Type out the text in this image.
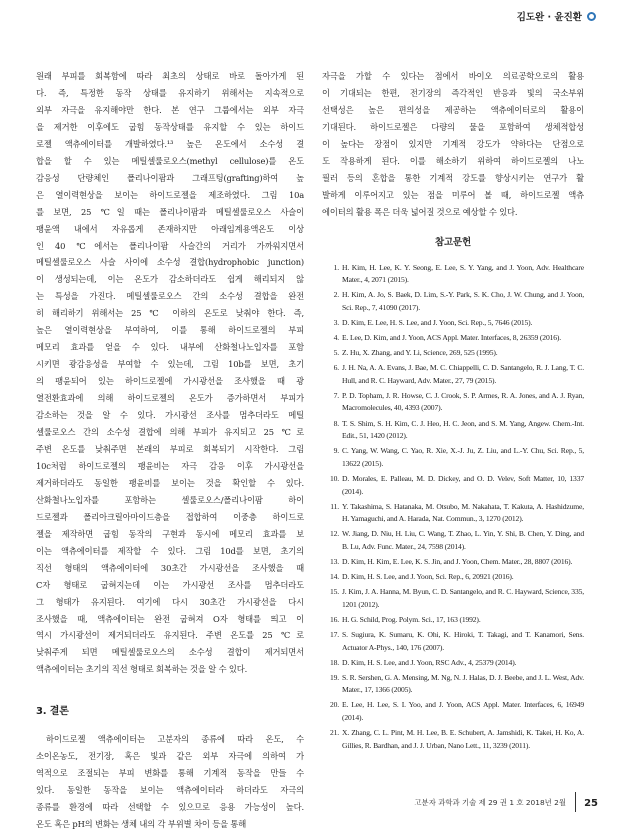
김도완 · 윤진환

원래 부피를 회복함에 따라 최초의 상태로 바로 돌아가게 된
다. 즉, 특정한 동작 상태를 유지하기 위해서는 지속적으로
외부 자극을 유지해야만 한다. 본 연구 그룹에서는 외부 자극
을 제거한 이후에도 굽힘 동작상태를 유지할 수 있는 하이드
로젤 액츄에이터를 개발하였다.¹³ 높은 온도에서 소수성 결
합을 할 수 있는 메틸셀룰로오스(methyl cellulose)를 온도
감응성 단량체인 폴리나이팜과 그래프팅(grafting)하여 높
은 열이력현상을 보이는 하이드로젤을 제조하였다. 그림 10a
를 보면, 25 ℃일 때는 폴리나이팜과 메틸셀룰로오스 사슬이
팽윤액 내에서 자유롭게 존재하지만 아래임계용액온도 이상
인 40 ℃에서는 폴리나이팜 사슬간의 거리가 가까워지면서
메틸셀룰로오스 사슬 사이에 소수성 결합(hydrophobic junction)
이 생성되는데, 이는 온도가 감소하더라도 쉽게 해리되지 않
는 특성을 가진다. 메틸셀룰로오스 간의 소수성 결합을 완전
히 해리하기 위해서는 25 ℃ 이하의 온도로 낮춰야 한다. 즉,
높은 열이력현상을 부여하여, 이를 통해 하이드로젤의 부피
메모리 효과를 얻을 수 있다. 내부에 산화철나노입자를 포함
시키면 광감응성을 부여할 수 있는데, 그림 10b를 보면, 초기
의 팽윤되어 있는 하이드로젤에 가시광선을 조사했을 때 광
열전환효과에 의해 하이드로젤의 온도가 증가하면서 부피가
감소하는 것을 알 수 있다. 가시광선 조사를 멈추더라도 메틸
셀룰로오스 간의 소수성 결합에 의해 부피가 유지되고 25 ℃로
주변 온도를 낮춰주면 본래의 부피로 회복되기 시작한다. 그림
10c처럼 하이드로젤의 팽윤비는 자극 감응 이후 가시광선을
제거하더라도 동일한 팽윤비를 보이는 것을 확인할 수 있다.
산화철나노입자를 포함하는 셀룰로오스/폴리나이팜 하이
드로젤과 폴리아크릴아마이드층을 접합하여 이중층 하이드로
젤을 제작하면 굽힘 동작의 구현과 동시에 메모리 효과를 보
이는 액츄에이터를 제작할 수 있다. 그림 10d를 보면, 초기의
직선 형태의 액츄에이터에 30초간 가시광선을 조사했을 때
C자 형태로 굽혀지는데 이는 가시광선 조사를 멈추더라도
그 형태가 유지된다. 여기에 다시 30초간 가시광선을 다시
조사했을 때, 액츄에이터는 완전 굽혀져 O자 형태를 띄고 이
역시 가시광선이 제거되더라도 유지된다. 주변 온도를 25 ℃로
낮춰주게 되면 메틸셀룰로오스의 소수성 결합이 제거되면서
액츄에이터는 초기의 직선 형태로 회복하는 것을 알 수 있다.

3. 결론

하이드로젤 액츄에이터는 고분자의 종류에 따라 온도, 수
소이온농도, 전기장, 혹은 빛과 같은 외부 자극에 의하여 가
역적으로 조절되는 부피 변화를 통해 기계적 동작을 만들 수
있다. 동일한 동작을 보이는 액츄에이터라 하더라도 자극의
종류를 환경에 따라 선택할 수 있으므로 응용 가능성이 높다.
온도 혹은 pH의 변화는 생체 내의 각 부위별 차이 등을 통해

자극을 가할 수 있다는 점에서 바이오 의료공학으로의 활용
이 기대되는 한편, 전기장의 즉각적인 반응과 빛의 국소부위
선택성은 높은 편의성을 제공하는 액츄에이터로의 활용이
기대된다. 하이드로젤은 다량의 물을 포함하여 생체적합성
이 높다는 장점이 있지만 기계적 강도가 약하다는 단점으로
도 작용하게 된다. 이를 해소하기 위하여 하이드로젤의 나노
필러 등의 혼합을 통한 기계적 강도를 향상시키는 연구가 활
발하게 이루어지고 있는 점을 미루어 볼 때, 하이드로젤 액츄
에이터의 활용 폭은 더욱 넓어질 것으로 예상할 수 있다.

참고문헌
1. H. Kim, H. Lee, K. Y. Seong, E. Lee, S. Y. Yang, and J. Yoon, Adv. Healthcare Mater., 4, 2071 (2015).
2. H. Kim, A. Jo, S. Baek, D. Lim, S.-Y. Park, S. K. Cho, J. W. Chung, and J. Yoon, Sci. Rep., 7, 41090 (2017).
3. D. Kim, E. Lee, H. S. Lee, and J. Yoon, Sci. Rep., 5, 7646 (2015).
4. E. Lee, D. Kim, and J. Yoon, ACS Appl. Mater. Interfaces, 8, 26359 (2016).
5. Z. Hu, X. Zhang, and Y. Li, Science, 269, 525 (1995).
6. J. H. Na, A. A. Evans, J. Bae, M. C. Chiappelli, C. D. Santangelo, R. J. Lang, T. C. Hull, and R. C. Hayward, Adv. Mater., 27, 79 (2015).
7. P. D. Topham, J. R. Howse, C. J. Crook, S. P. Armes, R. A. Jones, and A. J. Ryan, Macromolecules, 40, 4393 (2007).
8. T. S. Shim, S. H. Kim, C. J. Heo, H. C. Jeon, and S. M. Yang, Angew. Chem.-Int. Edit., 51, 1420 (2012).
9. C. Yang, W. Wang, C. Yao, R. Xie, X.-J. Ju, Z. Liu, and L.-Y. Chu, Sci. Rep., 5, 13622 (2015).
10. D. Morales, E. Palleau, M. D. Dickey, and O. D. Velev, Soft Matter, 10, 1337 (2014).
11. Y. Takashima, S. Hatanaka, M. Otsubo, M. Nakahata, T. Kakuta, A. Hashidzume, H. Yamaguchi, and A. Harada, Nat. Commun., 3, 1270 (2012).
12. W. Jiang, D. Niu, H. Liu, C. Wang, T. Zhao, L. Yin, Y. Shi, B. Chen, Y. Ding, and B. Lu, Adv. Func. Mater., 24, 7598 (2014).
13. D. Kim, H. Kim, E. Lee, K. S. Jin, and J. Yoon, Chem. Mater., 28, 8807 (2016).
14. D. Kim, H. S. Lee, and J. Yoon, Sci. Rep., 6, 20921 (2016).
15. J. Kim, J. A. Hanna, M. Byun, C. D. Santangelo, and R. C. Hayward, Science, 335, 1201 (2012).
16. H. G. Schild, Prog. Polym. Sci., 17, 163 (1992).
17. S. Sugiura, K. Sumaru, K. Ohi, K. Hiroki, T. Takagi, and T. Kanamori, Sens. Actuator A-Phys., 140, 176 (2007).
18. D. Kim, H. S. Lee, and J. Yoon, RSC Adv., 4, 25379 (2014).
19. S. R. Sershen, G. A. Mensing, M. Ng, N. J. Halas, D. J. Beebe, and J. L. West, Adv. Mater., 17, 1366 (2005).
20. E. Lee, H. Lee, S. I. Yoo, and J. Yoon, ACS Appl. Mater. Interfaces, 6, 16949 (2014).
21. X. Zhang, C. L. Pint, M. H. Lee, B. E. Schubert, A. Jamshidi, K. Takei, H. Ko, A. Gillies, R. Bardhan, and J. J. Urban, Nano Lett., 11, 3239 (2011).
고분자 과학과 기술 제 29 권 1 호 2018년 2월 25
